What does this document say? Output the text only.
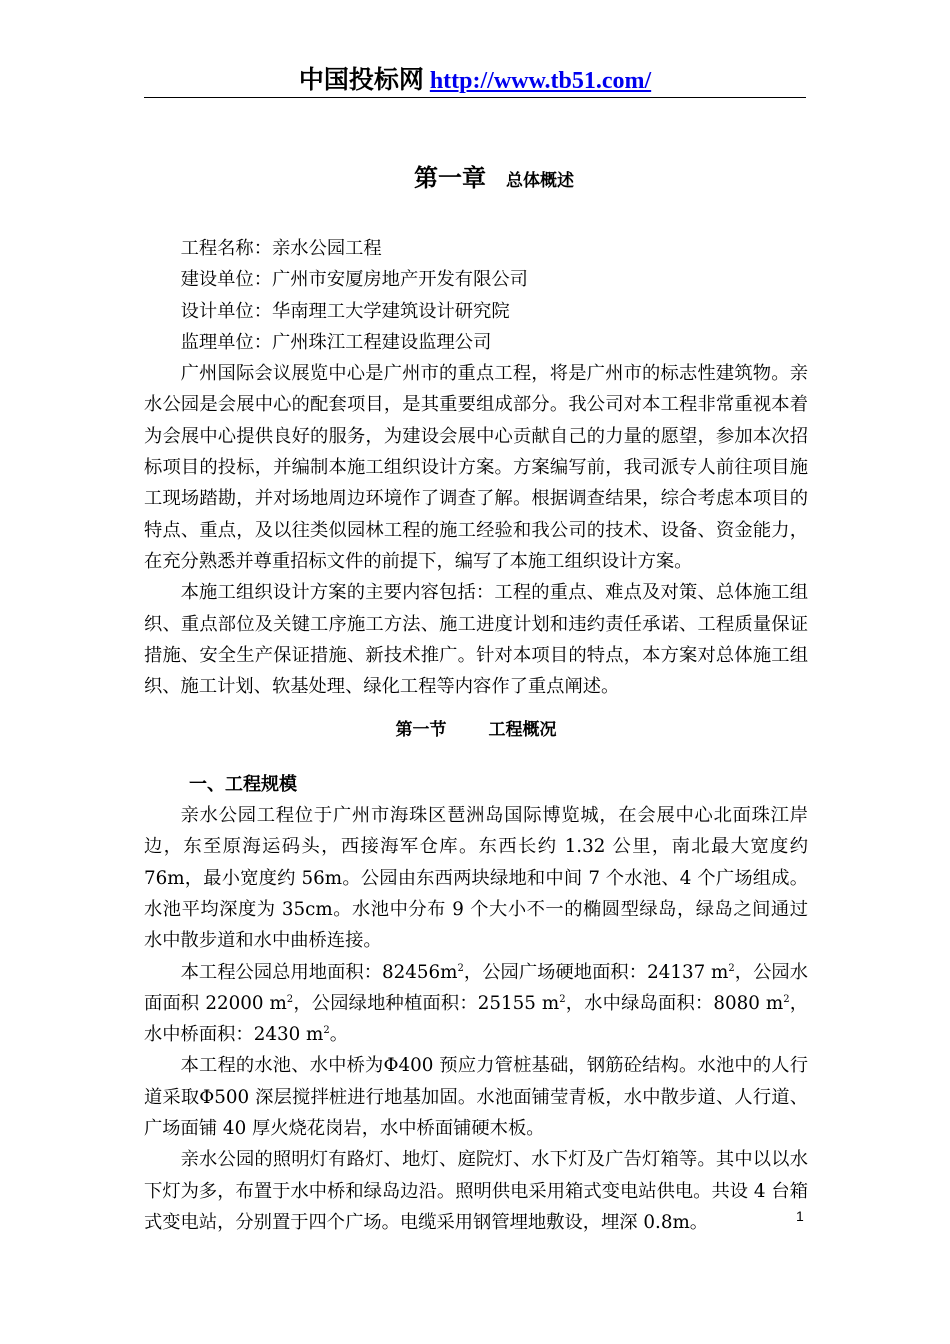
中国投标网 http://www.tb51.com/
第一章 总体概述

工程名称：亲水公园工程

建设单位：广州市安厦房地产开发有限公司

设计单位：华南理工大学建筑设计研究院

监理单位：广州珠江工程建设监理公司

广州国际会议展览中心是广州市的重点工程，将是广州市的标志性建筑物。亲水公园是会展中心的配套项目，是其重要组成部分。我公司对本工程非常重视本着为会展中心提供良好的服务，为建设会展中心贡献自己的力量的愿望，参加本次招标项目的投标，并编制本施工组织设计方案。方案编写前，我司派专人前往项目施工现场踏勘，并对场地周边环境作了调查了解。根据调查结果，综合考虑本项目的特点、重点，及以往类似园林工程的施工经验和我公司的技术、设备、资金能力，在充分熟悉并尊重招标文件的前提下，编写了本施工组织设计方案。

本施工组织设计方案的主要内容包括：工程的重点、难点及对策、总体施工组织、重点部位及关键工序施工方法、施工进度计划和违约责任承诺、工程质量保证措施、安全生产保证措施、新技术推广。针对本项目的特点，本方案对总体施工组织、施工计划、软基处理、绿化工程等内容作了重点阐述。

第一节 工程概况
一、工程规模

亲水公园工程位于广州市海珠区琶洲岛国际博览城，在会展中心北面珠江岸边，东至原海运码头，西接海军仓库。东西长约 1.32 公里，南北最大宽度约 76m，最小宽度约 56m。公园由东西两块绿地和中间 7 个水池、4 个广场组成。水池平均深度为 35cm。水池中分布 9 个大小不一的椭圆型绿岛，绿岛之间通过水中散步道和水中曲桥连接。

本工程公园总用地面积：$82456m^2$，公园广场硬地面积：24137 $m^2$，公园水面面积 22000 $m^2$，公园绿地种植面积：25155 $m^2$，水中绿岛面积：8080 $m^2$，水中桥面积：2430 $m^2$。

本工程的水池、水中桥为Φ400 预应力管桩基础，钢筋砼结构。水池中的人行道采取Φ500 深层搅拌桩进行地基加固。水池面铺莹青板，水中散步道、人行道、广场面铺 40 厚火烧花岗岩，水中桥面铺硬木板。

亲水公园的照明灯有路灯、地灯、庭院灯、水下灯及广告灯箱等。其中以以水下灯为多，布置于水中桥和绿岛边沿。照明供电采用箱式变电站供电。共设 4 台箱式变电站，分别置于四个广场。电缆采用钢管埋地敷设，埋深 0.8m。	1
